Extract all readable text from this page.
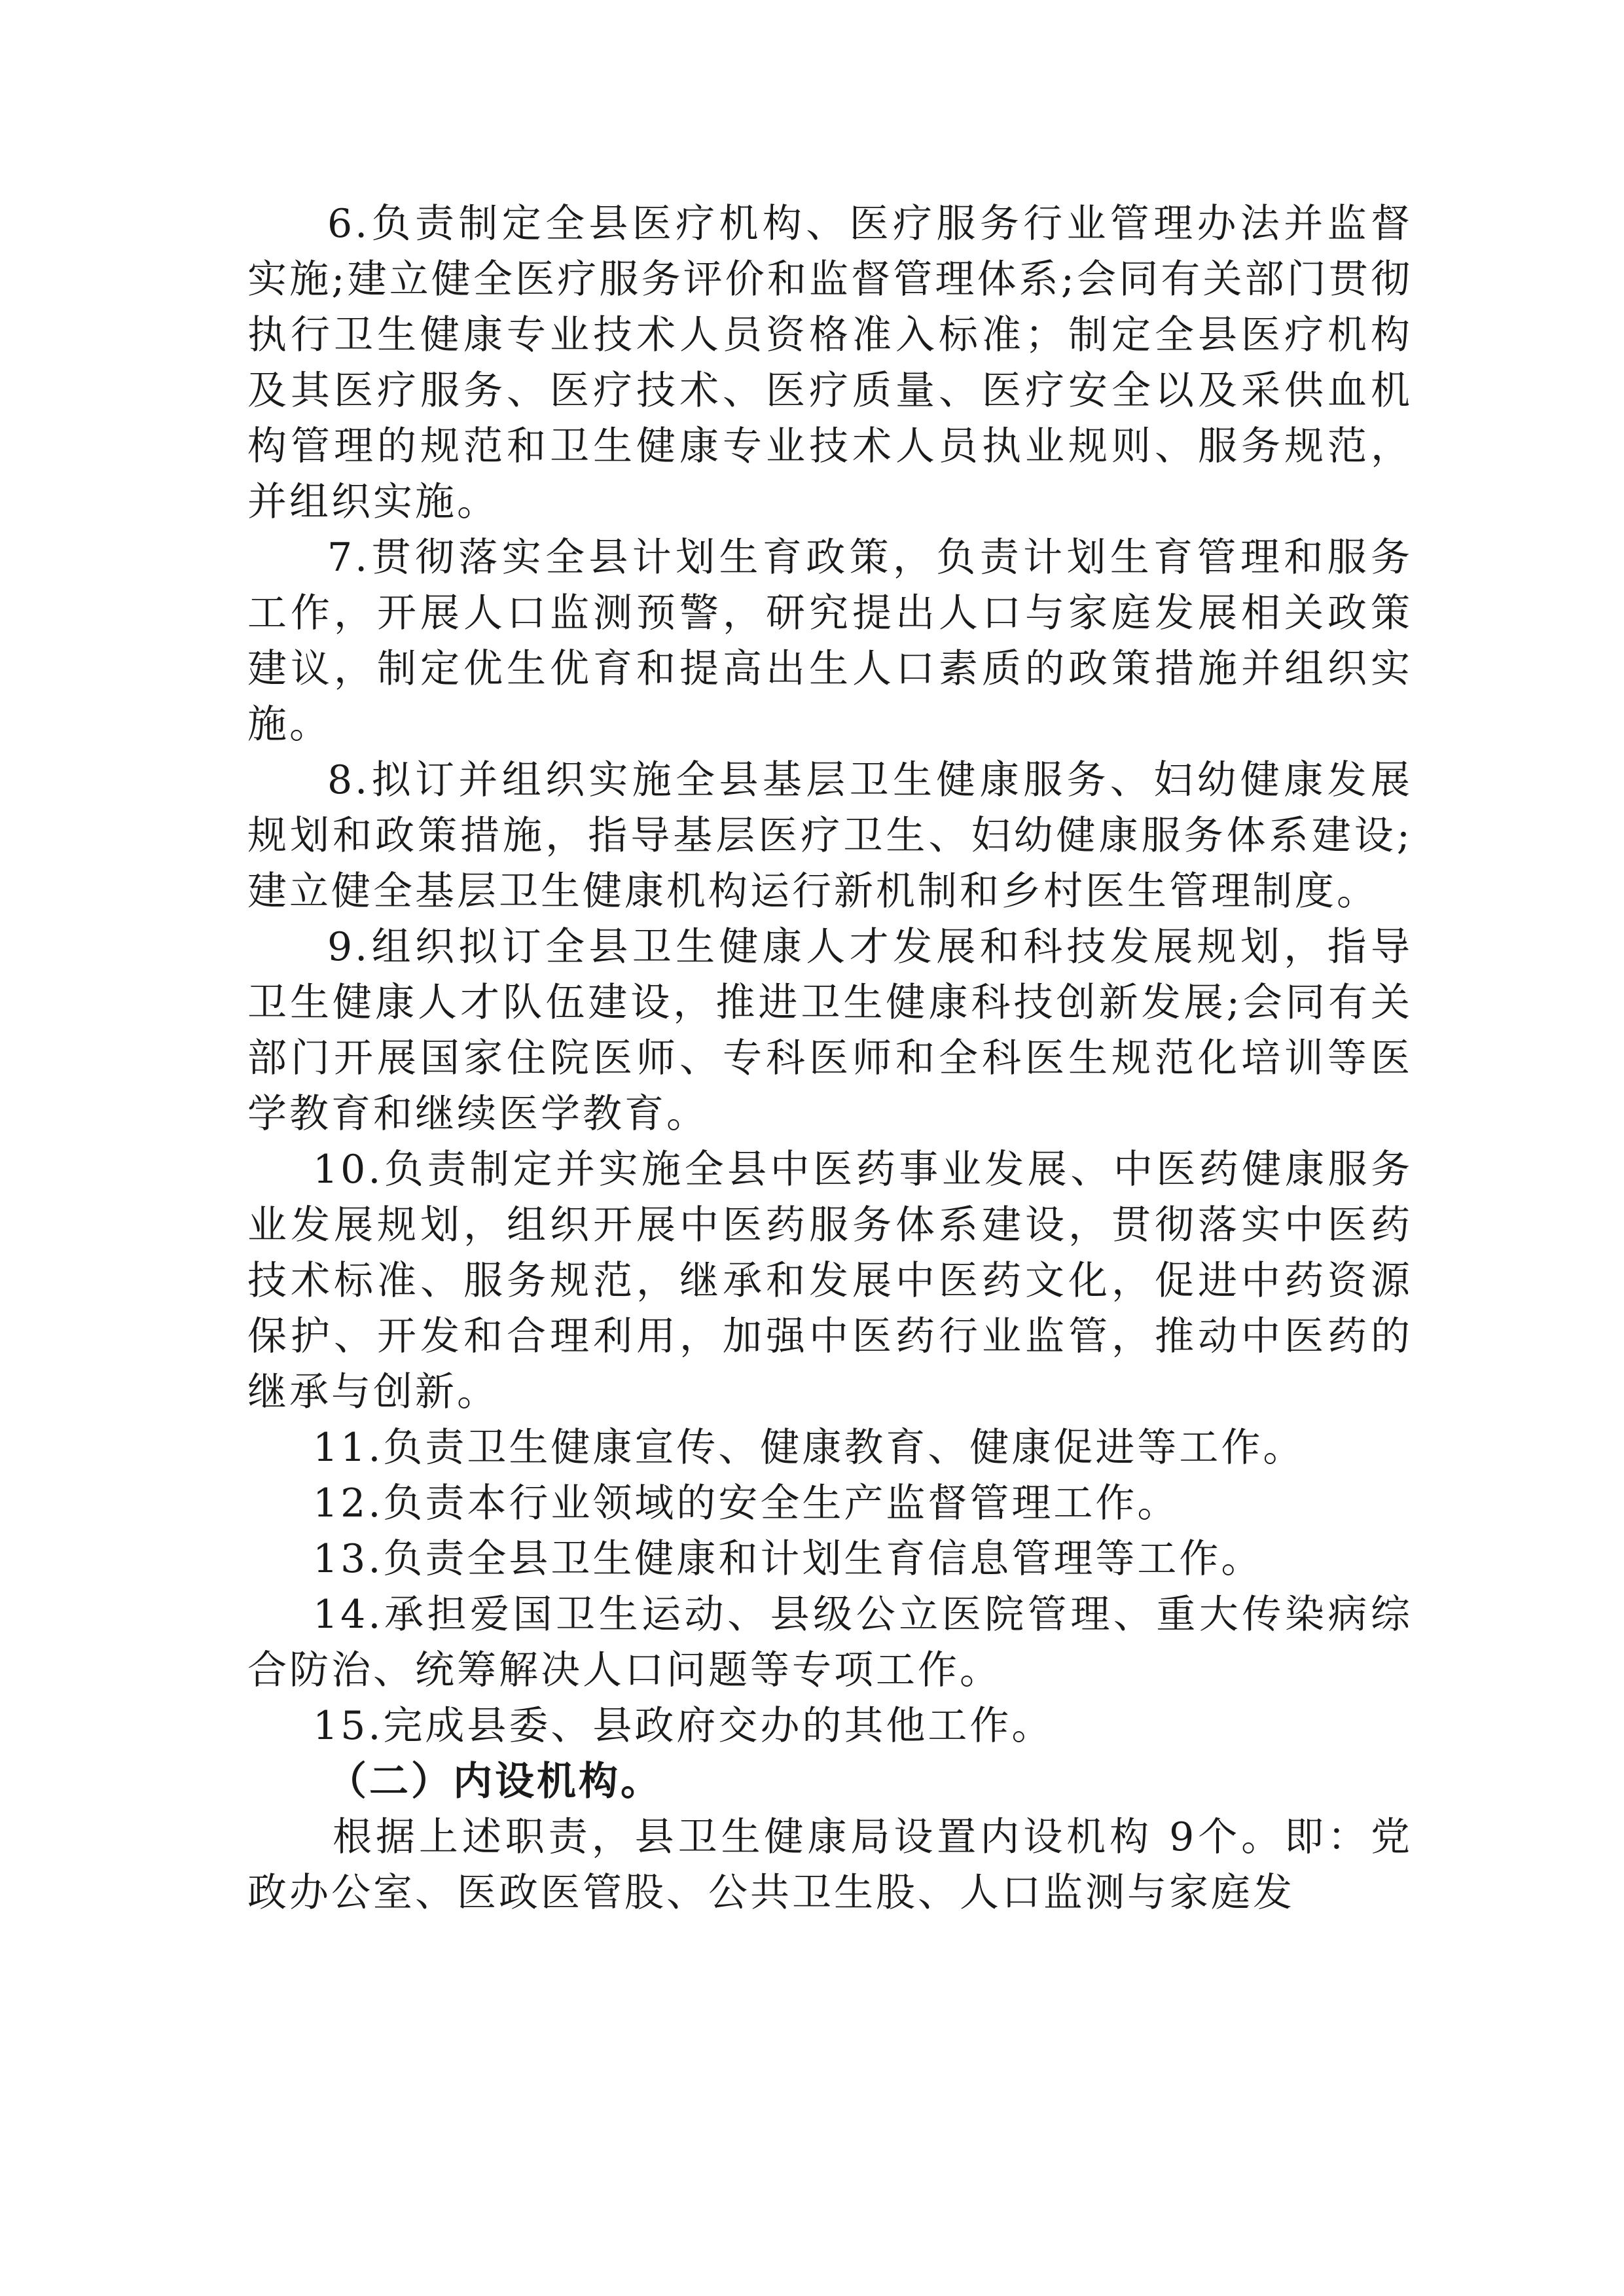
6.负责制定全县医疗机构、医疗服务行业管理办法并监督实施;建立健全医疗服务评价和监督管理体系;会同有关部门贯彻执行卫生健康专业技术人员资格准入标准；制定全县医疗机构及其医疗服务、医疗技术、医疗质量、医疗安全以及采供血机构管理的规范和卫生健康专业技术人员执业规则、服务规范，并组织实施。

7.贯彻落实全县计划生育政策，负责计划生育管理和服务工作，开展人口监测预警，研究提出人口与家庭发展相关政策建议，制定优生优育和提高出生人口素质的政策措施并组织实施。

8.拟订并组织实施全县基层卫生健康服务、妇幼健康发展规划和政策措施，指导基层医疗卫生、妇幼健康服务体系建设;建立健全基层卫生健康机构运行新机制和乡村医生管理制度。

9.组织拟订全县卫生健康人才发展和科技发展规划，指导卫生健康人才队伍建设，推进卫生健康科技创新发展;会同有关部门开展国家住院医师、专科医师和全科医生规范化培训等医学教育和继续医学教育。

10.负责制定并实施全县中医药事业发展、中医药健康服务业发展规划，组织开展中医药服务体系建设，贯彻落实中医药技术标准、服务规范，继承和发展中医药文化，促进中药资源保护、开发和合理利用，加强中医药行业监管，推动中医药的继承与创新。

11.负责卫生健康宣传、健康教育、健康促进等工作。

12.负责本行业领域的安全生产监督管理工作。

13.负责全县卫生健康和计划生育信息管理等工作。

14.承担爱国卫生运动、县级公立医院管理、重大传染病综合防治、统筹解决人口问题等专项工作。

15.完成县委、县政府交办的其他工作。

（二）内设机构。

根据上述职责，县卫生健康局设置内设机构 9个。即：党政办公室、医政医管股、公共卫生股、人口监测与家庭发
